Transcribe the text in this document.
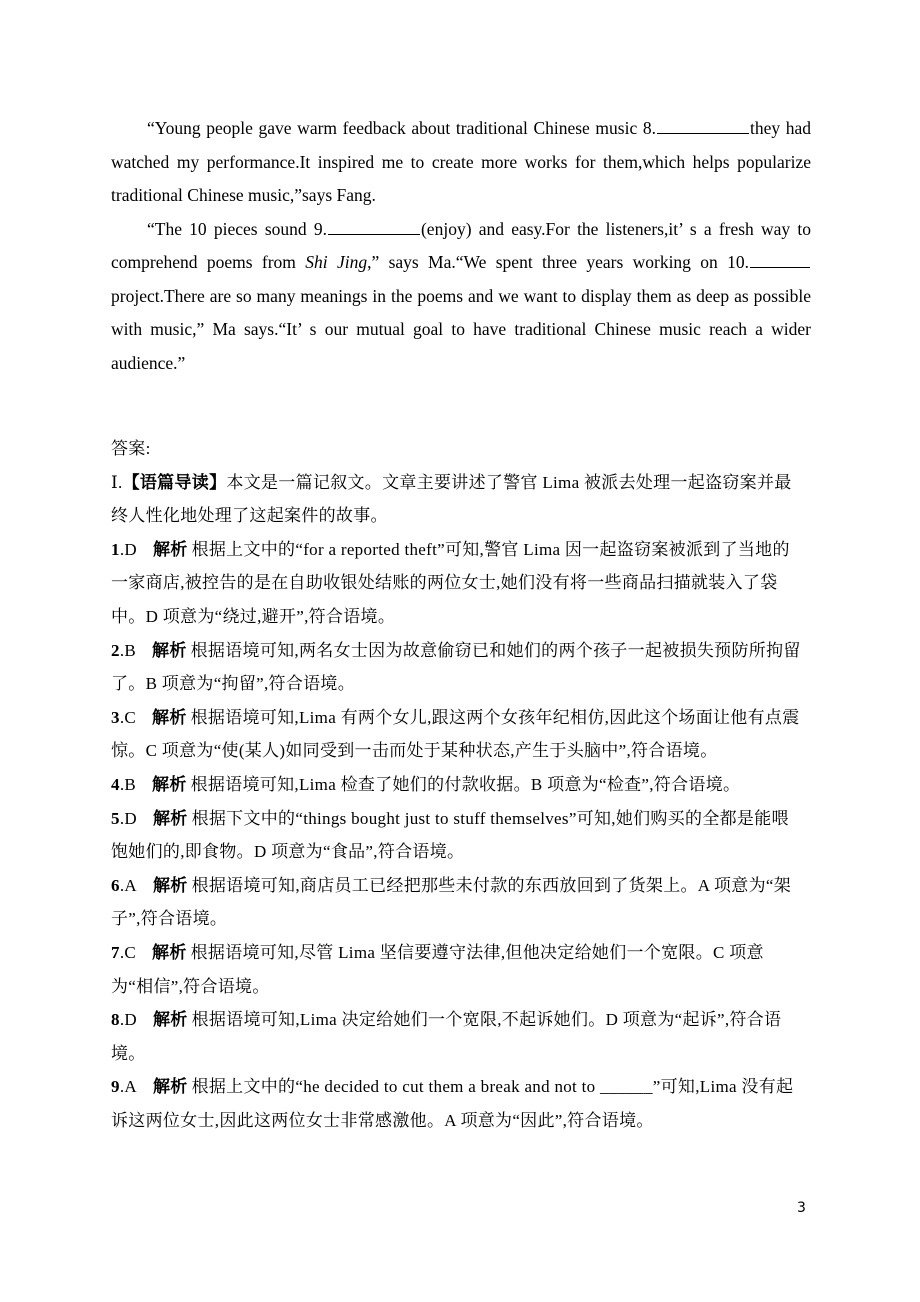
“Young people gave warm feedback about traditional Chinese music 8.	they had watched my performance.It inspired me to create more works for them,which helps popularize traditional Chinese music,”says Fang.

“The 10 pieces sound 9.	(enjoy) and easy.For the listeners,it’ s a fresh way to comprehend poems from Shi Jing,” says Ma.“We spent three years working on 10. project.There are so many meanings in the poems and we want to display them as deep as possible with music,” Ma says.“It’ s our mutual goal to have traditional Chinese music reach a wider audience.”

答案:

Ⅰ.【语篇导读】本文是一篇记叙文。文章主要讲述了警官 Lima 被派去处理一起盗窃案并最终人性化地处理了这起案件的故事。

1.D 解析 根据上文中的“for a reported theft”可知,警官 Lima 因一起盗窃案被派到了当地的一家商店,被控告的是在自助收银处结账的两位女士,她们没有将一些商品扫描就装入了袋中。D 项意为“绕过,避开”,符合语境。

2.B 解析 根据语境可知,两名女士因为故意偷窃已和她们的两个孩子一起被损失预防所拘留了。B 项意为“拘留”,符合语境。

3.C 解析 根据语境可知,Lima 有两个女儿,跟这两个女孩年纪相仿,因此这个场面让他有点震惊。C 项意为“使(某人)如同受到一击而处于某种状态,产生于头脑中”,符合语境。

4.B 解析 根据语境可知,Lima 检查了她们的付款收据。B 项意为“检查”,符合语境。

5.D 解析 根据下文中的“things bought just to stuff themselves”可知,她们购买的全都是能喂饱她们的,即食物。D 项意为“食品”,符合语境。

6.A 解析 根据语境可知,商店员工已经把那些未付款的东西放回到了货架上。A 项意为“架子”,符合语境。

7.C 解析 根据语境可知,尽管 Lima 坚信要遵守法律,但他决定给她们一个宽限。C 项意为“相信”,符合语境。

8.D 解析 根据语境可知,Lima 决定给她们一个宽限,不起诉她们。D 项意为“起诉”,符合语境。

9.A 解析 根据上文中的“he decided to cut them a break and not to ______”可知,Lima 没有起诉这两位女士,因此这两位女士非常感激他。A 项意为“因此”,符合语境。

3
